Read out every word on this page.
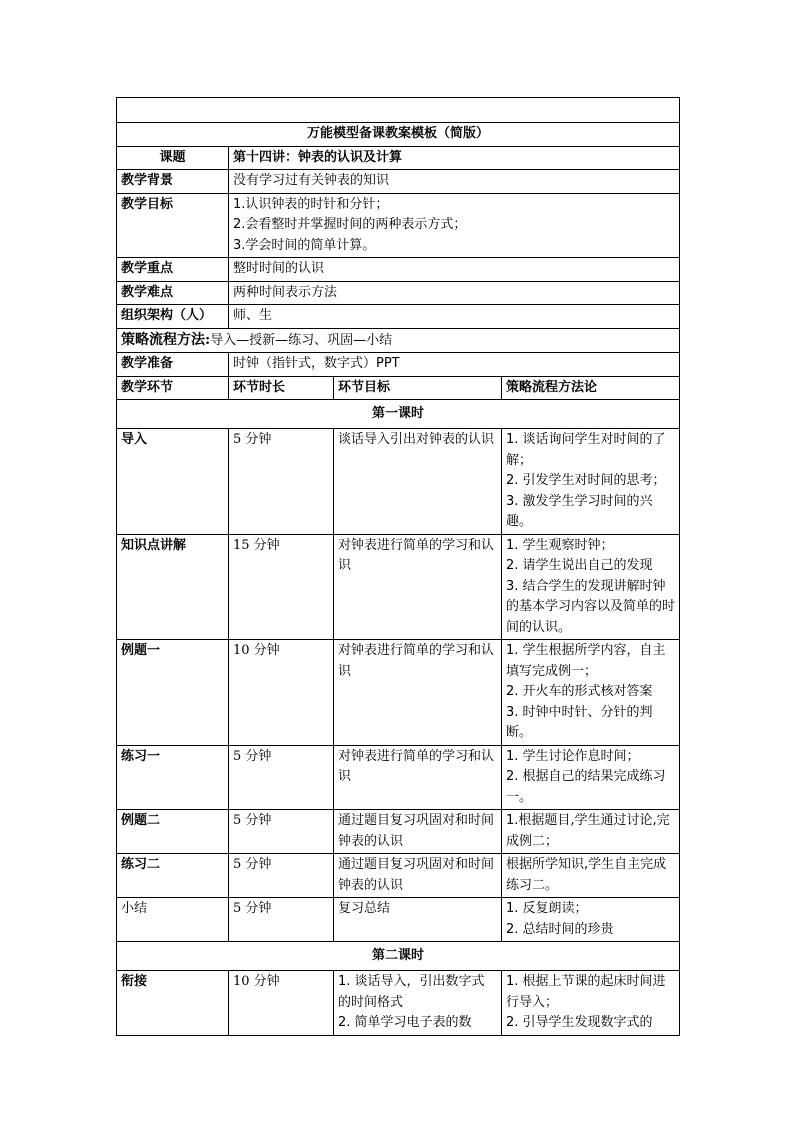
万能模型备课教案模板（简版）			
课题	第十四讲：钟表的认识及计算		
教学背景	没有学习过有关钟表的知识		
教学目标	1.认识钟表的时针和分针；
2.会看整时并掌握时间的两种表示方式；
3.学会时间的简单计算。		

教学重点	整时时间的认识		
教学难点	两种时间表示方法		
组织架构（人）	师、生		
策略流程方法:导入—授新—练习、巩固—小结			
教学准备	时钟（指针式，数字式）PPT		
教学环节	环节时长	环节目标	策略流程方法论
第一课时			
导入	5 分钟	谈话导入引出对钟表的认识	1. 谈话询问学生对时间的了解；
2. 引发学生对时间的思考；
3. 激发学生学习时间的兴趣。

知识点讲解	15 分钟	对钟表进行简单的学习和认识	1. 学生观察时钟；
2. 请学生说出自己的发现
3. 结合学生的发现讲解时钟的基本学习内容以及简单的时间的认识。

例题一	10 分钟	对钟表进行简单的学习和认识	1. 学生根据所学内容，自主填写完成例一；
2. 开火车的形式核对答案
3. 时钟中时针、分针的判断。

练习一	5 分钟	对钟表进行简单的学习和认识	1. 学生讨论作息时间；
2. 根据自己的结果完成练习一。

例题二	5 分钟	通过题目复习巩固对和时间钟表的认识	1.根据题目,学生通过讨论,完成例二；

练习二	5 分钟	通过题目复习巩固对和时间钟表的认识	根据所学知识,学生自主完成练习二。

小结	5 分钟	复习总结	1. 反复朗读；
2. 总结时间的珍贵

第二课时			
衔接	10 分钟	1. 谈话导入，引出数字式的时间格式
2. 简单学习电子表的数	1. 根据上节课的起床时间进行导入；
2. 引导学生发现数字式的
